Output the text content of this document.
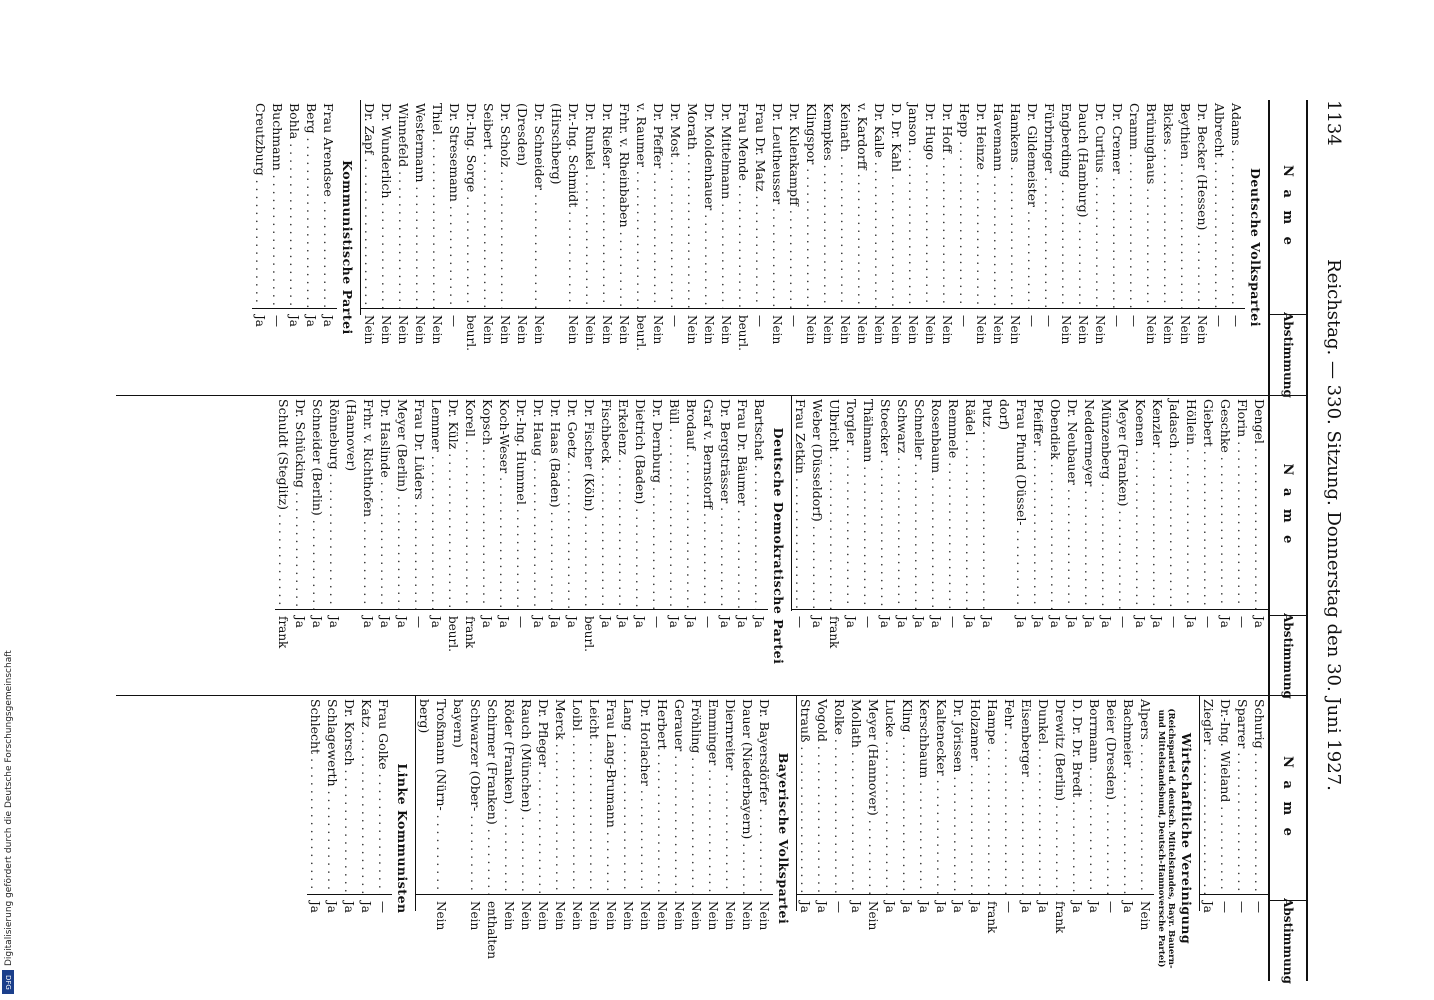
Digitalisierung gefördert durch die Deutsche Forschungsgemeinschaft
DFG
1134
Reichstag. — 330. Sitzung. Donnerstag den 30. Juni 1927.
N a m e
Abstimmung
Deutsche Volkspartei
Adams . . .
—
Albrecht . . .
—
Dr. Becker (Hessen) . . .
Nein
Beythien . . .
Nein
Bickes . . .
Nein
Brüninghaus . . .
Nein
Cramm . . .
—
Dr. Cremer . . .
—
Dr. Curtius . . .
Nein
Dauch (Hamburg) . . .
Nein
Engberding . . .
Nein
Fürbringer . . .
—
Dr. Gildemeister . . .
—
Hamkens . . .
Nein
Havemann . . .
Nein
Dr. Heinze . . .
Nein
Hepp . . .
—
Dr. Hoff . . .
Nein
Dr. Hugo . . .
Nein
Janson . . .
Nein
D. Dr. Kahl . . .
Nein
Dr. Kalle . . .
Nein
v. Kardorff . . .
Nein
Keinath . . .
Nein
Kempkes . . .
Nein
Klingspor . . .
Nein
Dr. Kulenkampff . . .
—
Dr. Leutheusser . . .
Nein
Frau Dr. Matz . . .
—
Frau Mende . . .
beurl.
Dr. Mittelmann . . .
Nein
Dr. Moldenhauer . . .
Nein
Morath . . .
Nein
Dr. Most . . .
—
Dr. Pfeffer . . .
Nein
v. Raumer . . .
beurl.
Frhr. v. Rheinbaben . . .
Nein
Dr. Rießer . . .
Nein
Dr. Runkel . . .
Nein
Dr.-Ing. Schmidt . . .
Nein
(Hirschberg)
Dr. Schneider . . .
Nein
(Dresden)
Nein
Dr. Scholz . . .
Nein
Seibert . . .
Nein
Dr.-Ing. Sorge . . .
beurl.
Dr. Stresemann . . .
—
Thiel . . .
Nein
Westermann . . .
Nein
Winnefeld . . .
Nein
Dr. Wunderlich . . .
Nein
Dr. Zapf . . .
Nein
Kommunistische Partei
Frau Arendsee . . .
Ja
Berg . . .
Ja
Bohla . . .
Ja
Buchmann . . .
—
Creutzburg . . .
Ja
N a m e
Abstimmung
Dengel . . .
Ja
Florin . . .
—
Geschke . . .
Ja
Giebert . . .
—
Höllein . . .
Ja
Jadasch . . .
—
Kenzler . . .
Ja
Koenen . . .
Ja
Meyer (Franken) . . .
—
Münzenberg . . .
Ja
Neddermeyer . . .
Ja
Dr. Neubauer . . .
Ja
Obendiek . . .
Ja
Pfeiffer . . .
Ja
Frau Pfund (Düssel- . . .
Ja
dorf)
Putz . . .
Ja
Rädel . . .
Ja
Remmele . . .
—
Rosenbaum . . .
Ja
Schneller . . .
Ja
Schwarz . . .
Ja
Stoecker . . .
Ja
Thälmann . . .
—
Torgler . . .
Ja
Ulbricht . . .
frank
Weber (Düsseldorf) . . .
Ja
Frau Zetkin . . .
—
Deutsche Demokratische Partei
Bartschat . . .
Ja
Frau Dr. Bäumer . . .
Ja
Dr. Bergsträsser . . .
Ja
Graf v. Bernstorff . . .
—
Brodauf . . .
Ja
Büll . . .
Ja
Dr. Dernburg . . .
—
Dietrich (Baden) . . .
Ja
Erkelenz . . .
Ja
Fischbeck . . .
Ja
Dr. Fischer (Köln) . . .
beurl.
Dr. Goetz . . .
Ja
Dr. Haas (Baden) . . .
Ja
Dr. Haug . . .
Ja
Dr.-Ing. Hummel . . .
—
Koch-Weser . . .
Ja
Kopsch . . .
Ja
Korell . . .
frank
Dr. Külz . . .
beurl.
Lemmer . . .
Ja
Frau Dr. Lüders . . .
—
Meyer (Berlin) . . .
Ja
Dr. Haslinde . . .
Ja
Frhr. v. Richthofen . . .
Ja
(Hannover)
Rönneburg . . .
Ja
Schneider (Berlin) . . .
Ja
Dr. Schücking . . .
Ja
Schuldt (Steglitz) . . .
frank
N a m e
Abstimmung
Schurig . . .
—
Sparrer . . .
—
Dr.-Ing. Wieland . . .
—
Ziegler . . .
Ja
Wirtschaftliche Vereinigung
(Reichspartei d. deutsch. Mittelstandes, Bayr. Bauern- und Mittelstandsbund, Deutsch-Hannoversche Partei)
Alpers . . .
Nein
Bachmeier . . .
Ja
Beier (Dresden) . . .
—
Borrmann . . .
Ja
D. Dr. Dr. Bredt . . .
Ja
Drewitz (Berlin) . . .
frank
Dunkel . . .
Ja
Eisenberger . . .
Ja
Fehr . . .
—
Hampe . . .
frank
Holzamer . . .
Ja
Dr. Jörissen . . .
Ja
Kaltenecker . . .
Ja
Kerschbaum . . .
Ja
Kling . . .
Ja
Lucke . . .
Ja
Meyer (Hannover) . . .
Nein
Mollath . . .
Ja
Rolke . . .
—
Vogold . . .
Ja
Strauß . . .
Ja
Bayerische Volkspartei
Dr. Bayersdörfer . . .
Nein
Dauer (Niederbayern) . . .
Nein
Diernreiter . . .
Nein
Emminger . . .
Nein
Fröhling . . .
Nein
Gerauer . . .
Nein
Herbert . . .
Nein
Dr. Horlacher . . .
Nein
Lang . . .
Nein
Frau Lang-Brumann . . .
Nein
Leicht . . .
Nein
Loibl . . .
Nein
Merck . . .
Nein
Dr. Pfleger . . .
Nein
Rauch (München) . . .
Nein
Röder (Franken) . . .
Nein
Schirmer (Franken) . . .
enthalten
Schwarzer (Ober- . . .
Nein
bayern)
Troßmann (Nürn- . . .
Nein
berg)
Linke Kommunisten
Frau Golke . . .
—
Katz . . .
Ja
Dr. Korsch . . .
Ja
Schlagewerth . . .
Ja
Schlecht . . .
Ja
